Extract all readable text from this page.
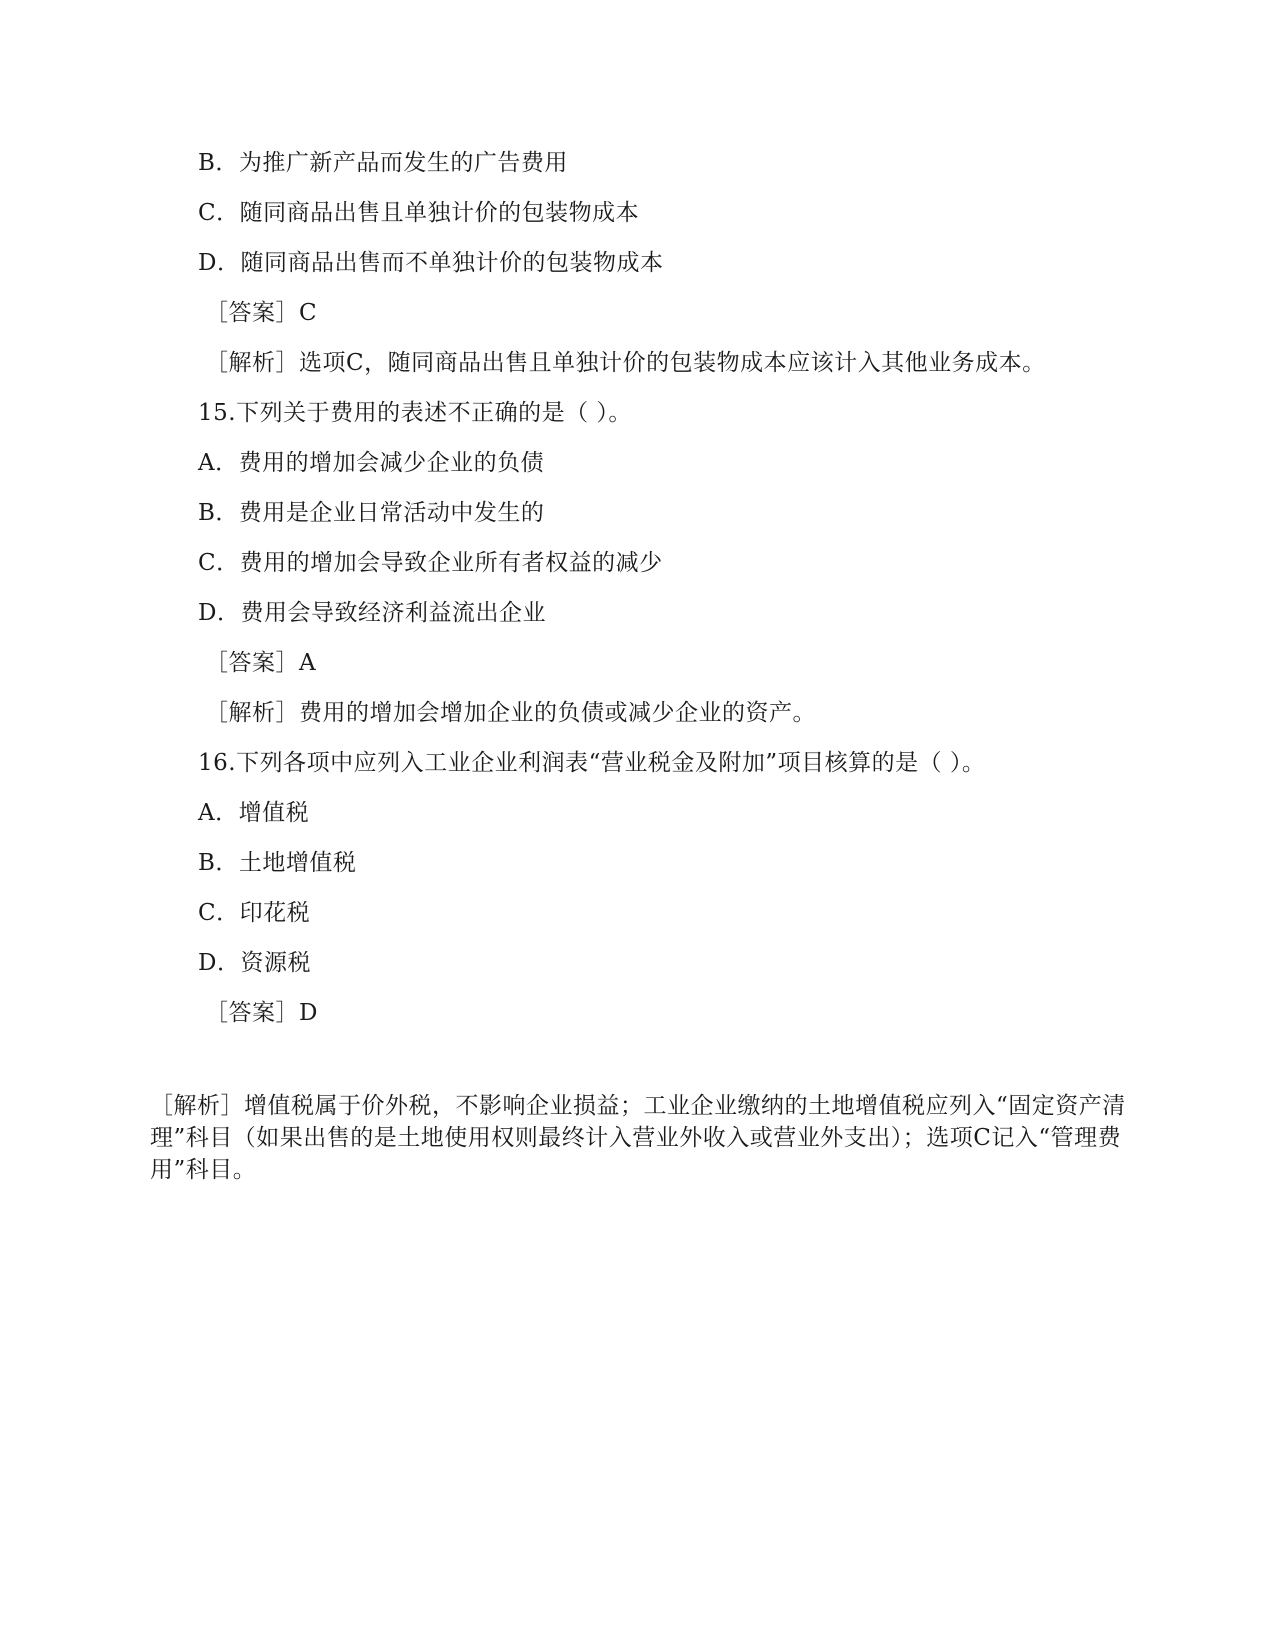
B．为推广新产品而发生的广告费用
C．随同商品出售且单独计价的包装物成本
D．随同商品出售而不单独计价的包装物成本
［答案］C
［解析］选项C，随同商品出售且单独计价的包装物成本应该计入其他业务成本。
15.下列关于费用的表述不正确的是（ ）。
A．费用的增加会减少企业的负债
B．费用是企业日常活动中发生的
C．费用的增加会导致企业所有者权益的减少
D．费用会导致经济利益流出企业
［答案］A
［解析］费用的增加会增加企业的负债或减少企业的资产。
16.下列各项中应列入工业企业利润表“营业税金及附加”项目核算的是（ ）。
A．增值税
B．土地增值税
C．印花税
D．资源税
［答案］D
［解析］增值税属于价外税，不影响企业损益；工业企业缴纳的土地增值税应列入“固定资产清理”科目（如果出售的是土地使用权则最终计入营业外收入或营业外支出）；选项C记入“管理费用”科目。
